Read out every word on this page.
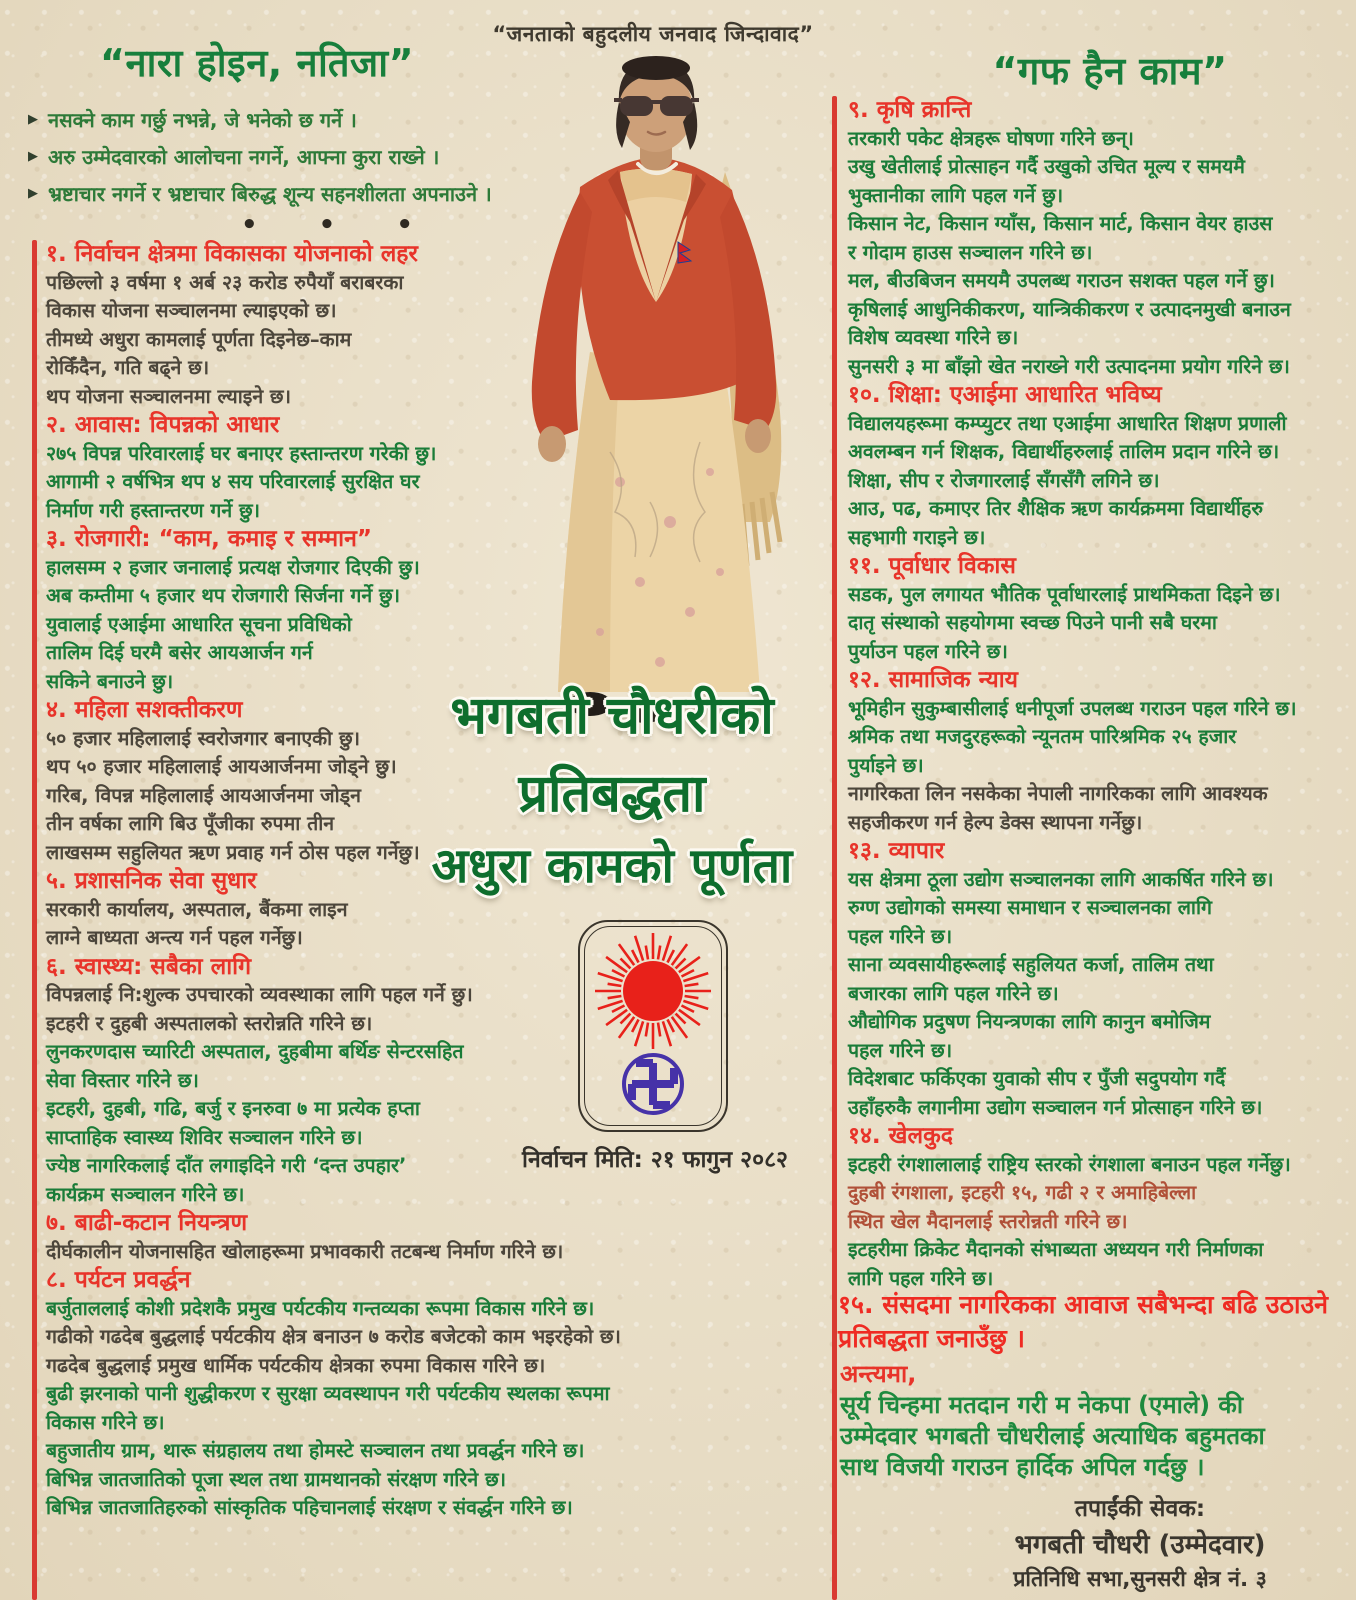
“जनताको बहुदलीय जनवाद जिन्दावाद”
“नारा होइन, नतिजा”	“गफ हैन काम”
▶ नसक्ने काम गर्छु नभन्ने, जे भनेको छ गर्ने ।
▶ अरु उम्मेदवारको आलोचना नगर्ने, आफ्ना कुरा राख्ने ।
▶ भ्रष्टाचार नगर्ने र भ्रष्टाचार बिरुद्ध शून्य सहनशीलता अपनाउने ।
• • •
१. निर्वाचन क्षेत्रमा विकासका योजनाको लहर
पछिल्लो ३ वर्षमा १ अर्ब २३ करोड रुपैयाँ बराबरका
विकास योजना सञ्चालनमा ल्याइएको छ।
तीमध्ये अधुरा कामलाई पूर्णता दिइनेछ–काम
रोकिँदैन, गति बढ्ने छ।
थप योजना सञ्चालनमा ल्याइने छ।
२. आवास: विपन्नको आधार
२७५ विपन्न परिवारलाई घर बनाएर हस्तान्तरण गरेकी छु।
आगामी २ वर्षभित्र थप ४ सय परिवारलाई सुरक्षित घर
निर्माण गरी हस्तान्तरण गर्ने छु।
३. रोजगारी: “काम, कमाइ र सम्मान”
हालसम्म २ हजार जनालाई प्रत्यक्ष रोजगार दिएकी छु।
अब कम्तीमा ५ हजार थप रोजगारी सिर्जना गर्ने छु।
युवालाई एआईमा आधारित सूचना प्रविधिको
तालिम दिई घरमै बसेर आयआर्जन गर्न
सकिने बनाउने छु।
४. महिला सशक्तीकरण
५० हजार महिलालाई स्वरोजगार बनाएकी छु।
थप ५० हजार महिलालाई आयआर्जनमा जोड्ने छु।
गरिब, विपन्न महिलालाई आयआर्जनमा जोड्न
तीन वर्षका लागि बिउ पूँजीका रुपमा तीन
लाखसम्म सहुलियत ऋण प्रवाह गर्न ठोस पहल गर्नेछु।
५. प्रशासनिक सेवा सुधार
सरकारी कार्यालय, अस्पताल, बैंकमा लाइन
लाग्ने बाध्यता अन्त्य गर्न पहल गर्नेछु।
६. स्वास्थ्य: सबैका लागि
विपन्नलाई नि:शुल्क उपचारको व्यवस्थाका लागि पहल गर्ने छु।
इटहरी र दुहबी अस्पतालको स्तरोन्नति गरिने छ।
लुनकरणदास च्यारिटी अस्पताल, दुहबीमा बर्थिङ सेन्टरसहित
सेवा विस्तार गरिने छ।
इटहरी, दुहबी, गढि, बर्जु र इनरुवा ७ मा प्रत्येक हप्ता
साप्ताहिक स्वास्थ्य शिविर सञ्चालन गरिने छ।
ज्येष्ठ नागरिकलाई दाँत लगाइदिने गरी ‘दन्त उपहार’
कार्यक्रम सञ्चालन गरिने छ।
७. बाढी-कटान नियन्त्रण
दीर्घकालीन योजनासहित खोलाहरूमा प्रभावकारी तटबन्ध निर्माण गरिने छ।
८. पर्यटन प्रवर्द्धन
बर्जुताललाई कोशी प्रदेशकै प्रमुख पर्यटकीय गन्तव्यका रूपमा विकास गरिने छ।
गढीको गढदेब बुद्धलाई पर्यटकीय क्षेत्र बनाउन ७ करोड बजेटको काम भइरहेको छ।
गढदेब बुद्धलाई प्रमुख धार्मिक पर्यटकीय क्षेत्रका रुपमा विकास गरिने छ।
बुढी झरनाको पानी शुद्धीकरण र सुरक्षा व्यवस्थापन गरी पर्यटकीय स्थलका रूपमा
विकास गरिने छ।
बहुजातीय ग्राम, थारू संग्रहालय तथा होमस्टे सञ्चालन तथा प्रवर्द्धन गरिने छ।
बिभिन्न जातजातिको पूजा स्थल तथा ग्रामथानको संरक्षण गरिने छ।
बिभिन्न जातजातिहरुको सांस्कृतिक पहिचानलाई संरक्षण र संवर्द्धन गरिने छ।
९. कृषि क्रान्ति
तरकारी पकेट क्षेत्रहरू घोषणा गरिने छन्।
उखु खेतीलाई प्रोत्साहन गर्दै उखुको उचित मूल्य र समयमै
भुक्तानीका लागि पहल गर्ने छु।
किसान नेट, किसान ग्याँस, किसान मार्ट, किसान वेयर हाउस
र गोदाम हाउस सञ्चालन गरिने छ।
मल, बीउबिजन समयमै उपलब्ध गराउन सशक्त पहल गर्ने छु।
कृषिलाई आधुनिकीकरण, यान्त्रिकीकरण र उत्पादनमुखी बनाउन
विशेष व्यवस्था गरिने छ।
सुनसरी ३ मा बाँझो खेत नराख्ने गरी उत्पादनमा प्रयोग गरिने छ।
१०. शिक्षा: एआईमा आधारित भविष्य
विद्यालयहरूमा कम्प्युटर तथा एआईमा आधारित शिक्षण प्रणाली
अवलम्बन गर्न शिक्षक, विद्यार्थीहरुलाई तालिम प्रदान गरिने छ।
शिक्षा, सीप र रोजगारलाई सँगसँगै लगिने छ।
आउ, पढ, कमाएर तिर शैक्षिक ऋण कार्यक्रममा विद्यार्थीहरु
सहभागी गराइने छ।
११. पूर्वाधार विकास
सडक, पुल लगायत भौतिक पूर्वाधारलाई प्राथमिकता दिइने छ।
दातृ संस्थाको सहयोगमा स्वच्छ पिउने पानी सबै घरमा
पुर्याउन पहल गरिने छ।
१२. सामाजिक न्याय
भूमिहीन सुकुम्बासीलाई धनीपूर्जा उपलब्ध गराउन पहल गरिने छ।
श्रमिक तथा मजदुरहरूको न्यूनतम पारिश्रमिक २५ हजार
पुर्याइने छ।
नागरिकता लिन नसकेका नेपाली नागरिकका लागि आवश्यक
सहजीकरण गर्न हेल्प डेक्स स्थापना गर्नेछु।
१३. व्यापार
यस क्षेत्रमा ठूला उद्योग सञ्चालनका लागि आकर्षित गरिने छ।
रुग्ण उद्योगको समस्या समाधान र सञ्चालनका लागि
पहल गरिने छ।
साना व्यवसायीहरूलाई सहुलियत कर्जा, तालिम तथा
बजारका लागि पहल गरिने छ।
औद्योगिक प्रदुषण नियन्त्रणका लागि कानुन बमोजिम
पहल गरिने छ।
विदेशबाट फर्किएका युवाको सीप र पुँजी सदुपयोग गर्दै
उहाँहरुकै लगानीमा उद्योग सञ्चालन गर्न प्रोत्साहन गरिने छ।
१४. खेलकुद
इटहरी रंगशालालाई राष्ट्रिय स्तरको रंगशाला बनाउन पहल गर्नेछु।
दुहबी रंगशाला, इटहरी १५, गढी २ र अमाहिबेल्ला
स्थित खेल मैदानलाई स्तरोन्नती गरिने छ।
इटहरीमा क्रिकेट मैदानको संभाब्यता अध्ययन गरी निर्माणका
लागि पहल गरिने छ।
भगबती चौधरीको
प्रतिबद्धता
अधुरा कामको पूर्णता
निर्वाचन मिति: २१ फागुन २०८२
१५. संसदमा नागरिकका आवाज सबैभन्दा बढि उठाउने
प्रतिबद्धता जनाउँछु ।
अन्त्यमा,
सूर्य चिन्हमा मतदान गरी म नेकपा (एमाले) की
उम्मेदवार भगबती चौधरीलाई अत्याधिक बहुमतका
साथ विजयी गराउन हार्दिक अपिल गर्दछु ।
तपाईंकी सेवक:
भगबती चौधरी (उम्मेदवार)
प्रतिनिधि सभा,सुनसरी क्षेत्र नं. ३
